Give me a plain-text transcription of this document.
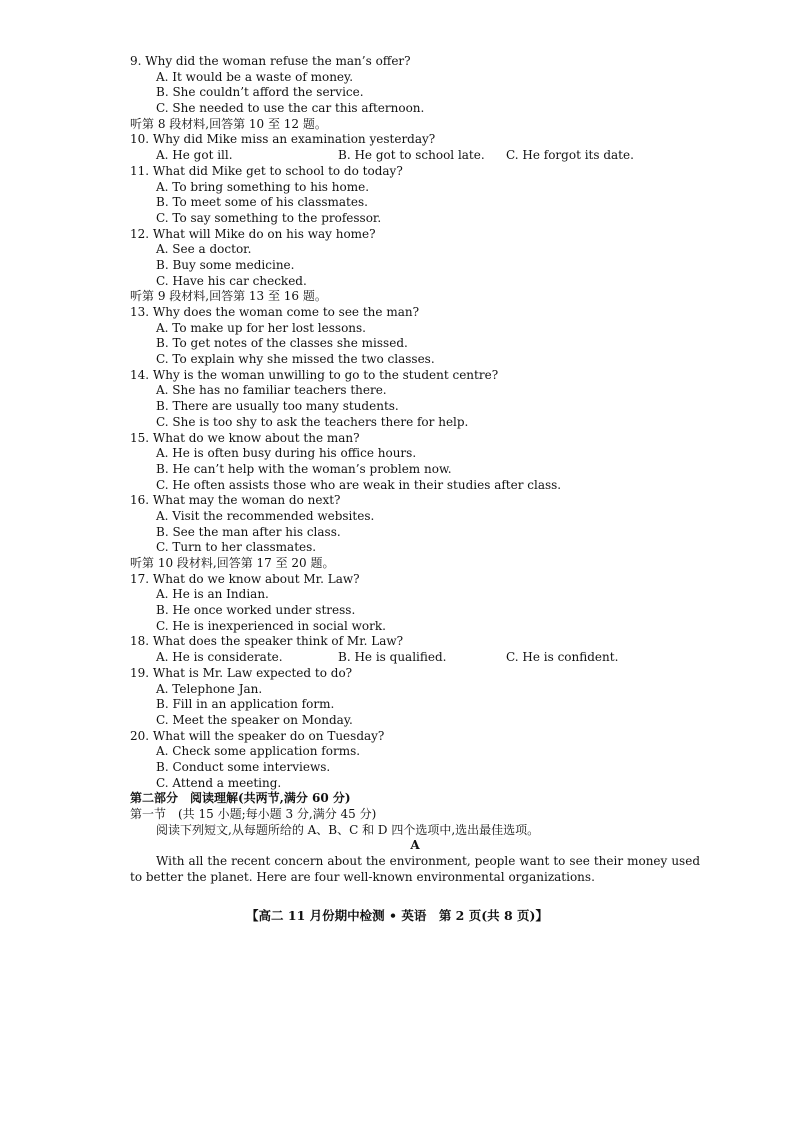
9. Why did the woman refuse the man’s offer?
A. It would be a waste of money.
B. She couldn’t afford the service.
C. She needed to use the car this afternoon.
听第 8 段材料,回答第 10 至 12 题。
10. Why did Mike miss an examination yesterday?
A. He got ill.	B. He got to school late.	C. He forgot its date.
11. What did Mike get to school to do today?
A. To bring something to his home.
B. To meet some of his classmates.
C. To say something to the professor.
12. What will Mike do on his way home?
A. See a doctor.
B. Buy some medicine.
C. Have his car checked.
听第 9 段材料,回答第 13 至 16 题。
13. Why does the woman come to see the man?
A. To make up for her lost lessons.
B. To get notes of the classes she missed.
C. To explain why she missed the two classes.
14. Why is the woman unwilling to go to the student centre?
A. She has no familiar teachers there.
B. There are usually too many students.
C. She is too shy to ask the teachers there for help.
15. What do we know about the man?
A. He is often busy during his office hours.
B. He can’t help with the woman’s problem now.
C. He often assists those who are weak in their studies after class.
16. What may the woman do next?
A. Visit the recommended websites.
B. See the man after his class.
C. Turn to her classmates.
听第 10 段材料,回答第 17 至 20 题。
17. What do we know about Mr. Law?
A. He is an Indian.
B. He once worked under stress.
C. He is inexperienced in social work.
18. What does the speaker think of Mr. Law?
A. He is considerate.	B. He is qualified.	C. He is confident.
19. What is Mr. Law expected to do?
A. Telephone Jan.
B. Fill in an application form.
C. Meet the speaker on Monday.
20. What will the speaker do on Tuesday?
A. Check some application forms.
B. Conduct some interviews.
C. Attend a meeting.
第二部分　阅读理解(共两节,满分 60 分)
第一节　(共 15 小题;每小题 3 分,满分 45 分)
阅读下列短文,从每题所给的 A、B、C 和 D 四个选项中,选出最佳选项。
A
With all the recent concern about the environment, people want to see their money used to better the planet. Here are four well-known environmental organizations.
【高二 11 月份期中检测 • 英语　第 2 页(共 8 页)】
